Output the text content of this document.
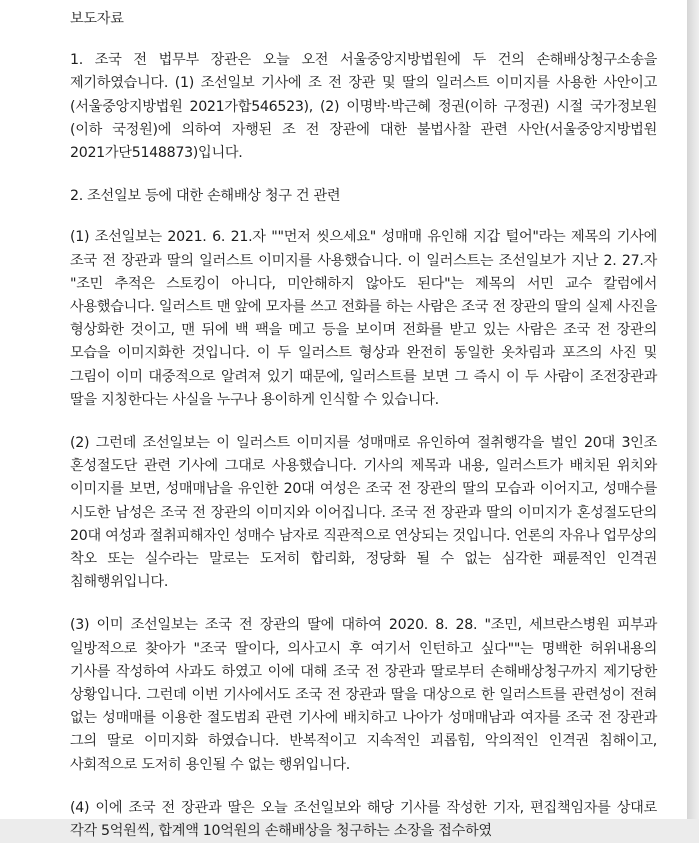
보도자료

1. 조국 전 법무부 장관은 오늘 오전 서울중앙지방법원에 두 건의 손해배상청구소송을 제기하였습니다. (1) 조선일보 기사에 조 전 장관 및 딸의 일러스트 이미지를 사용한 사안이고(서울중앙지방법원 2021가합546523), (2) 이명박·박근혜 정권(이하 구정권) 시절 국가정보원(이하 국정원)에 의하여 자행된 조 전 장관에 대한 불법사찰 관련 사안(서울중앙지방법원 2021가단5148873)입니다.

2. 조선일보 등에 대한 손해배상 청구 건 관련

(1) 조선일보는 2021. 6. 21.자 ""먼저 씻으세요" 성매매 유인해 지갑 털어"라는 제목의 기사에 조국 전 장관과 딸의 일러스트 이미지를 사용했습니다. 이 일러스트는 조선일보가 지난 2. 27.자 "조민 추적은 스토킹이 아니다, 미안해하지 않아도 된다"는 제목의 서민 교수 칼럼에서 사용했습니다. 일러스트 맨 앞에 모자를 쓰고 전화를 하는 사람은 조국 전 장관의 딸의 실제 사진을 형상화한 것이고, 맨 뒤에 백 팩을 메고 등을 보이며 전화를 받고 있는 사람은 조국 전 장관의 모습을 이미지화한 것입니다. 이 두 일러스트 형상과 완전히 동일한 옷차림과 포즈의 사진 및 그림이 이미 대중적으로 알려져 있기 때문에, 일러스트를 보면 그 즉시 이 두 사람이 조전장관과 딸을 지칭한다는 사실을 누구나 용이하게 인식할 수 있습니다.

(2) 그런데 조선일보는 이 일러스트 이미지를 성매매로 유인하여 절취행각을 벌인 20대 3인조 혼성절도단 관련 기사에 그대로 사용했습니다. 기사의 제목과 내용, 일러스트가 배치된 위치와 이미지를 보면, 성매매남을 유인한 20대 여성은 조국 전 장관의 딸의 모습과 이어지고, 성매수를 시도한 남성은 조국 전 장관의 이미지와 이어집니다. 조국 전 장관과 딸의 이미지가 혼성절도단의 20대 여성과 절취피해자인 성매수 남자로 직관적으로 연상되는 것입니다. 언론의 자유나 업무상의 착오 또는 실수라는 말로는 도저히 합리화, 정당화 될 수 없는 심각한 패륜적인 인격권 침해행위입니다.

(3) 이미 조선일보는 조국 전 장관의 딸에 대하여 2020. 8. 28. "조민, 세브란스병원 피부과 일방적으로 찾아가 "조국 딸이다, 의사고시 후 여기서 인턴하고 싶다""는 명백한 허위내용의 기사를 작성하여 사과도 하였고 이에 대해 조국 전 장관과 딸로부터 손해배상청구까지 제기당한 상황입니다. 그런데 이번 기사에서도 조국 전 장관과 딸을 대상으로 한 일러스트를 관련성이 전혀 없는 성매매를 이용한 절도범죄 관련 기사에 배치하고 나아가 성매매남과 여자를 조국 전 장관과 그의 딸로 이미지화 하였습니다. 반복적이고 지속적인 괴롭힘, 악의적인 인격권 침해이고, 사회적으로 도저히 용인될 수 없는 행위입니다.

(4) 이에 조국 전 장관과 딸은 오늘 조선일보와 해당 기사를 작성한 기자, 편집책임자를 상대로 각각 5억원씩, 합계액 10억원의 손해배상을 청구하는 소장을 접수하였
